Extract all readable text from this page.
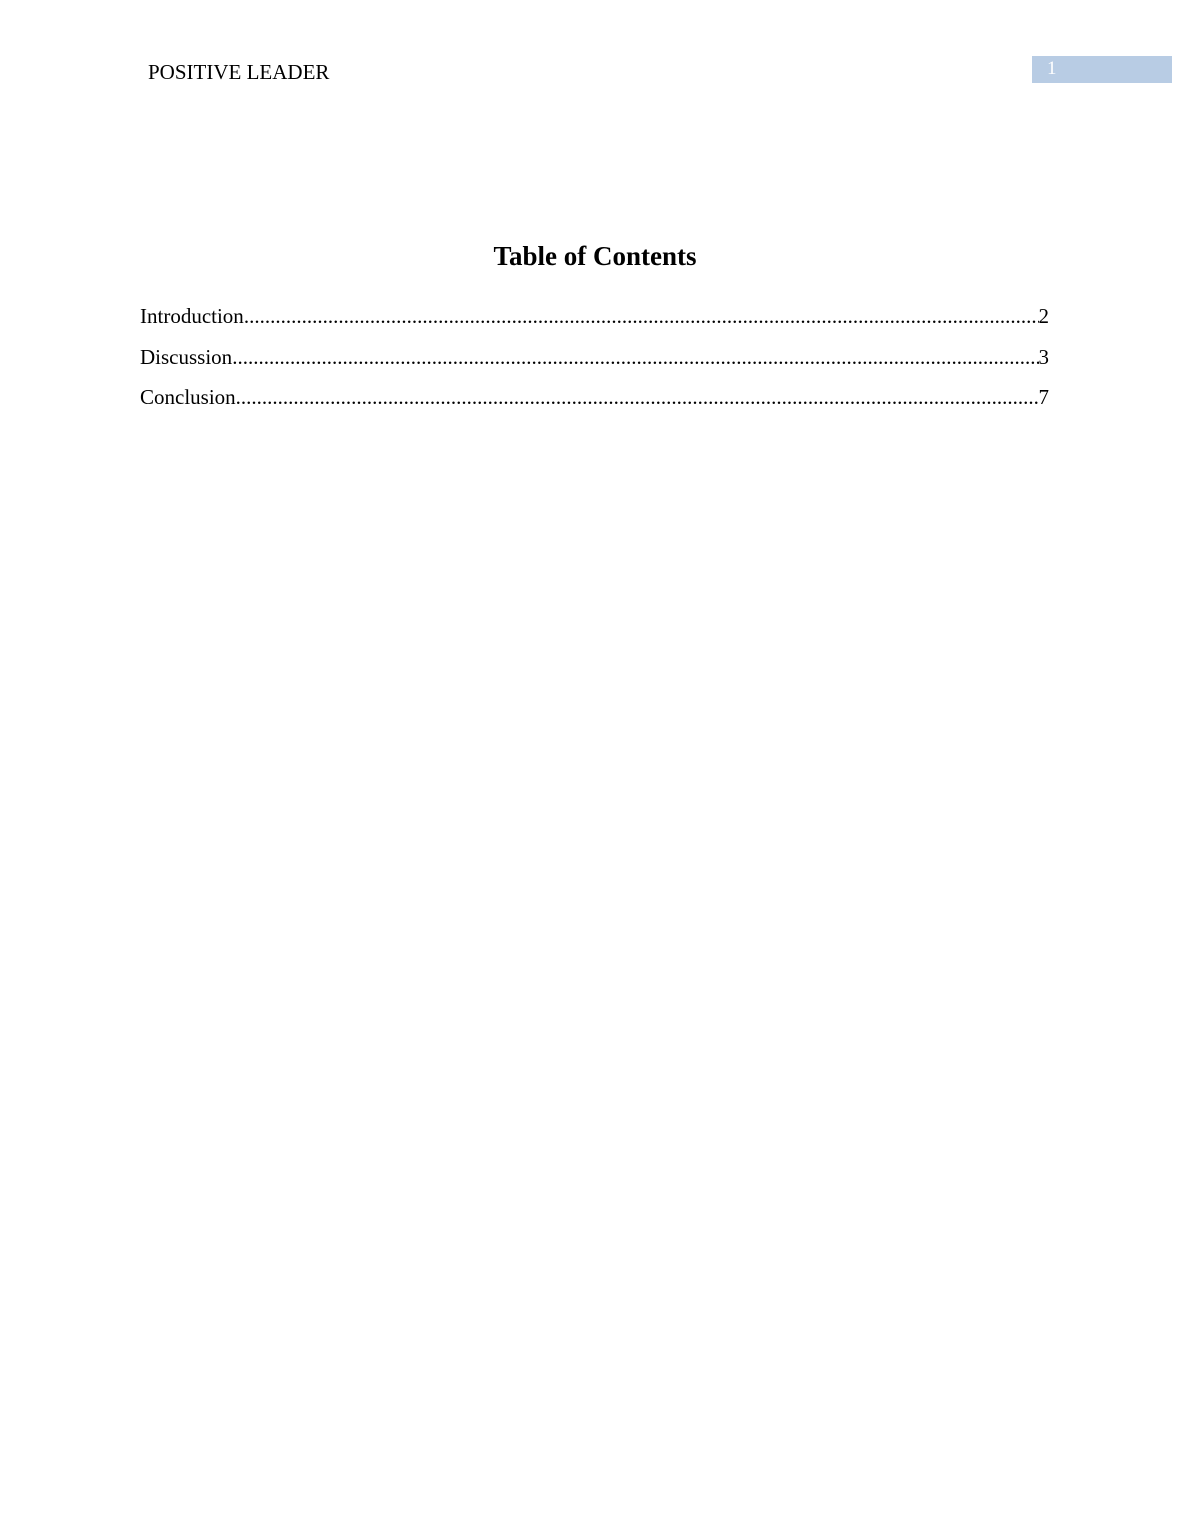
POSITIVE LEADER	1
Table of Contents
Introduction .....	2
Discussion .....	3
Conclusion .....	7
